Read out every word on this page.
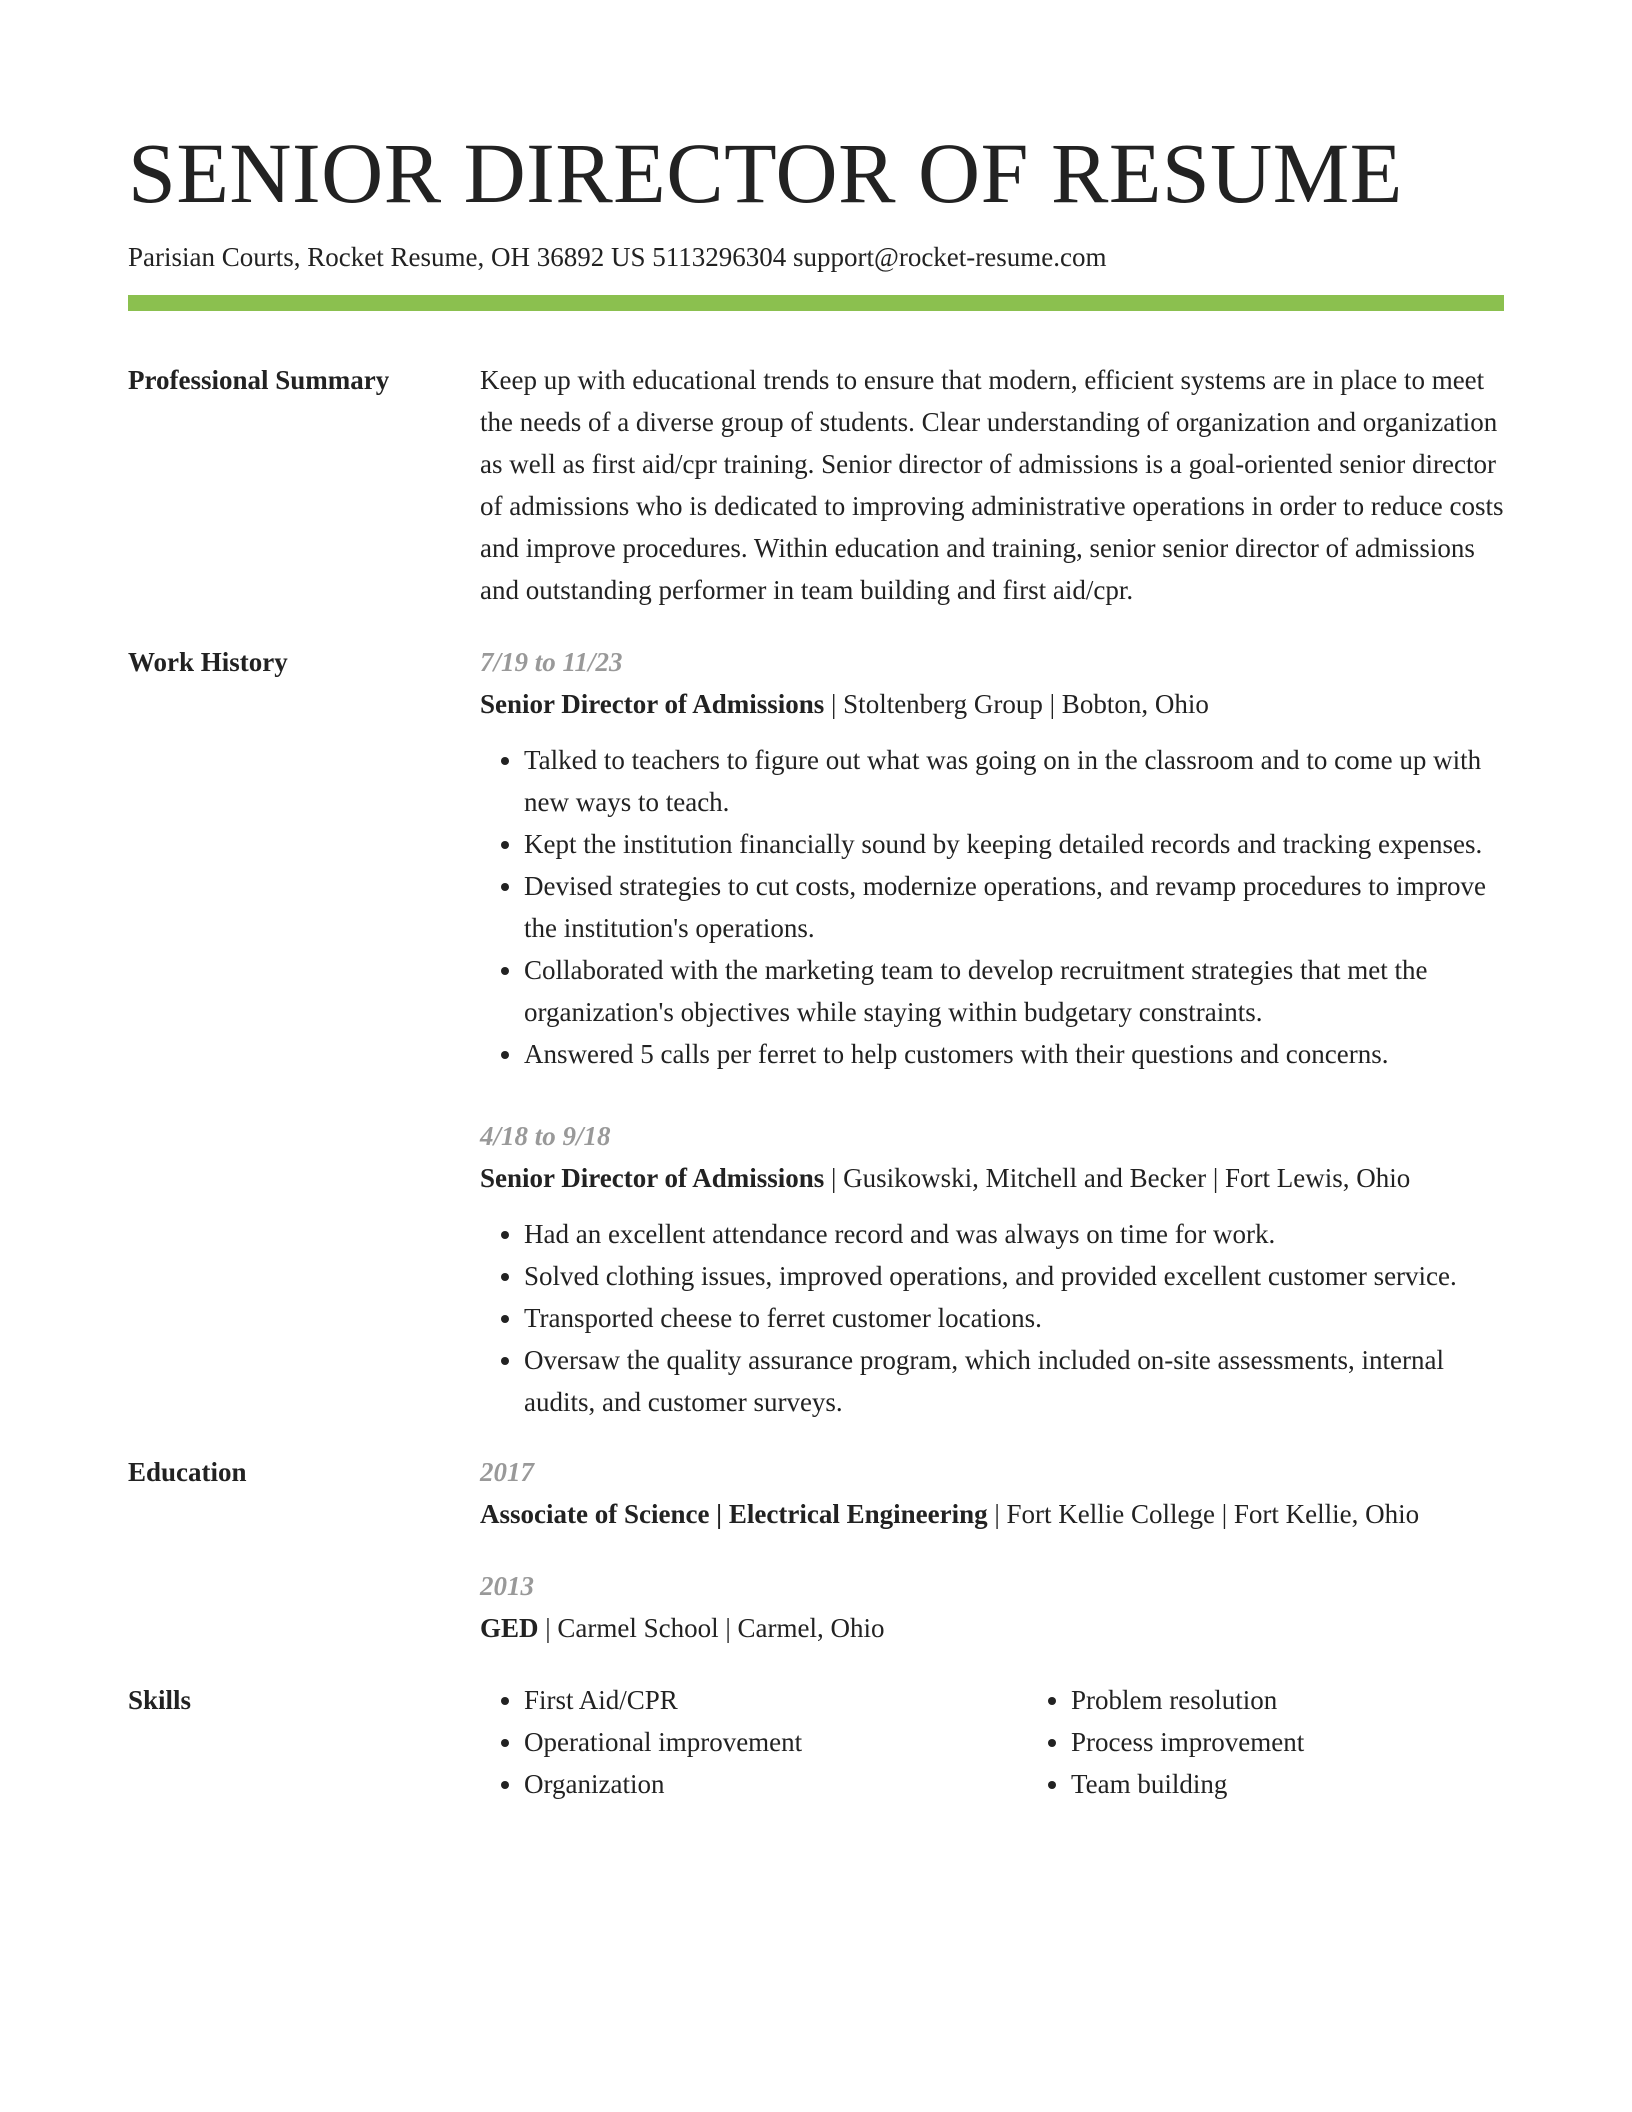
SENIOR DIRECTOR OF RESUME
Parisian Courts, Rocket Resume, OH 36892 US 5113296304 support@rocket-resume.com
Professional Summary	Keep up with educational trends to ensure that modern, efficient systems are in place to meet the needs of a diverse group of students. Clear understanding of organization and organization as well as first aid/cpr training. Senior director of admissions is a goal-oriented senior director of admissions who is dedicated to improving administrative operations in order to reduce costs and improve procedures. Within education and training, senior senior director of admissions and outstanding performer in team building and first aid/cpr.
Work History	7/19 to 11/23
Senior Director of Admissions | Stoltenberg Group | Bobton, Ohio
• Talked to teachers to figure out what was going on in the classroom and to come up with new ways to teach.
• Kept the institution financially sound by keeping detailed records and tracking expenses.
• Devised strategies to cut costs, modernize operations, and revamp procedures to improve the institution's operations.
• Collaborated with the marketing team to develop recruitment strategies that met the organization's objectives while staying within budgetary constraints.
• Answered 5 calls per ferret to help customers with their questions and concerns.
4/18 to 9/18
Senior Director of Admissions | Gusikowski, Mitchell and Becker | Fort Lewis, Ohio
• Had an excellent attendance record and was always on time for work.
• Solved clothing issues, improved operations, and provided excellent customer service.
• Transported cheese to ferret customer locations.
• Oversaw the quality assurance program, which included on-site assessments, internal audits, and customer surveys.
Education	2017
Associate of Science | Electrical Engineering | Fort Kellie College | Fort Kellie, Ohio
2013
GED | Carmel School | Carmel, Ohio
Skills
•	First Aid/CPR
• Operational improvement
• Organization
• Problem resolution
• Process improvement
• Team building
